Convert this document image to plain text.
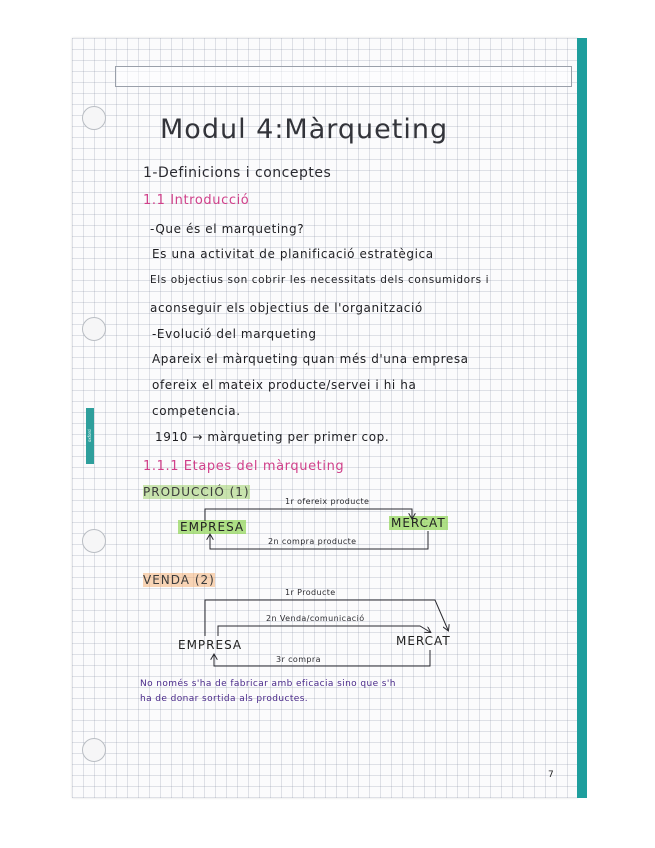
oxford
Modul 4:Màrqueting
1-Definicions i conceptes
1.1 Introducció
-Que és el marqueting?
Es una activitat de planificació estratègica
Els objectius son cobrir les necessitats dels consumidors i
aconseguir els objectius de l'organització
-Evolució del marqueting
Apareix el màrqueting quan més d'una empresa
ofereix el mateix producte/servei i hi ha
competencia.
1910 → màrqueting per primer cop.
1.1.1 Etapes del màrqueting
PRODUCCIÓ (1)
1r ofereix producte
EMPRESA	MERCAT
2n compra producte
VENDA (2)
1r Producte
2n Venda/comunicació
EMPRESA	MERCAT
3r compra
No només s'ha de fabricar amb eficacia sino que s'h
ha de donar sortida als productes.
7
